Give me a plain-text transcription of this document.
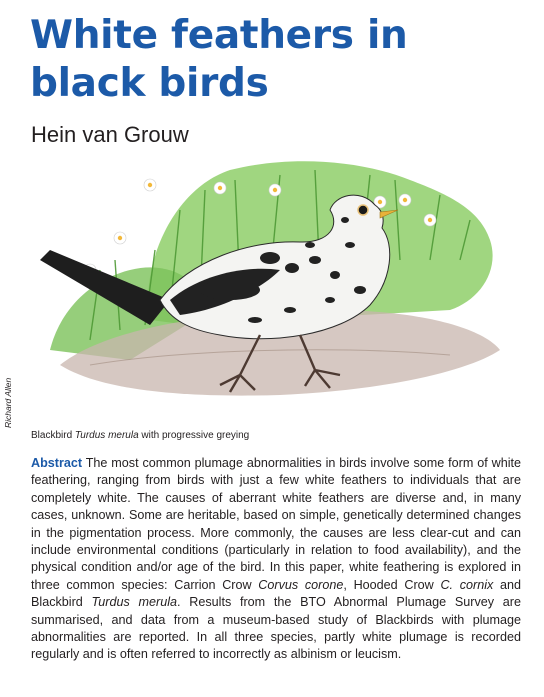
White feathers in black birds
Hein van Grouw
Richard Allen
Blackbird Turdus merula with progressive greying
Abstract The most common plumage abnormalities in birds involve some form of white feathering, ranging from birds with just a few white feathers to individuals that are completely white. The causes of aberrant white feathers are diverse and, in many cases, unknown. Some are heritable, based on simple, genetically determined changes in the pigmentation process. More commonly, the causes are less clear-cut and can include environmental conditions (particularly in relation to food availability), and the physical condition and/or age of the bird. In this paper, white feathering is explored in three common species: Carrion Crow Corvus corone, Hooded Crow C. cornix and Blackbird Turdus merula. Results from the BTO Abnormal Plumage Survey are summarised, and data from a museum-based study of Blackbirds with plumage abnormalities are reported. In all three species, partly white plumage is recorded regularly and is often referred to incorrectly as albinism or leucism.
